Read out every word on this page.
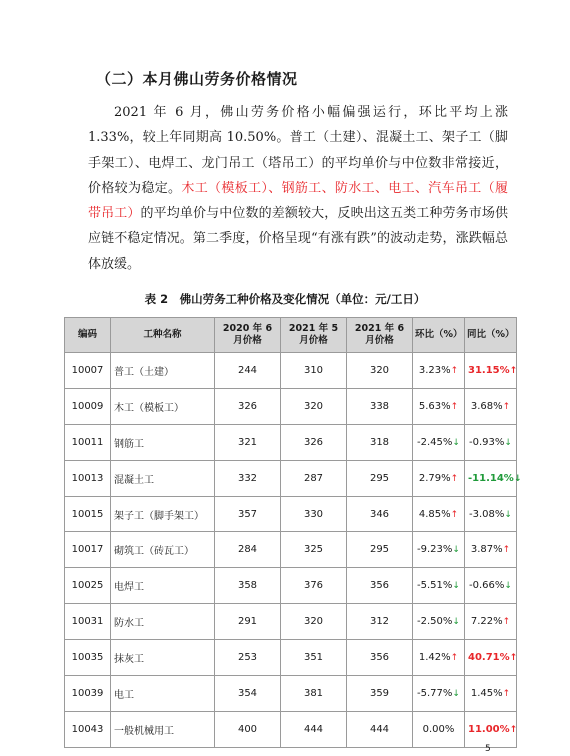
（二）本月佛山劳务价格情况

2021 年 6 月，佛山劳务价格小幅偏强运行，环比平均上涨 1.33%，较上年同期高 10.50%。普工（土建）、混凝土工、架子工（脚手架工）、电焊工、龙门吊工（塔吊工）的平均单价与中位数非常接近，价格较为稳定。木工（模板工）、钢筋工、防水工、电工、汽车吊工（履带吊工）的平均单价与中位数的差额较大，反映出这五类工种劳务市场供应链不稳定情况。第二季度，价格呈现“有涨有跌”的波动走势，涨跌幅总体放缓。

表 2　佛山劳务工种价格及变化情况（单位：元/工日）
编码	工种名称	2020 年 6 月价格	2021 年 5 月价格	2021 年 6 月价格	环比（%）	同比（%）
10007	普工（土建）	244	310	320	3.23%↑	31.15%↑
10009	木工（模板工）	326	320	338	5.63%↑	3.68%↑
10011	钢筋工	321	326	318	-2.45%↓	-0.93%↓
10013	混凝土工	332	287	295	2.79%↑	-11.14%↓
10015	架子工（脚手架工）	357	330	346	4.85%↑	-3.08%↓
10017	砌筑工（砖瓦工）	284	325	295	-9.23%↓	3.87%↑
10025	电焊工	358	376	356	-5.51%↓	-0.66%↓
10031	防水工	291	320	312	-2.50%↓	7.22%↑
10035	抹灰工	253	351	356	1.42%↑	40.71%↑
10039	电工	354	381	359	-5.77%↓	1.45%↑
10043	一般机械用工	400	444	444	0.00%	11.00%↑
5
